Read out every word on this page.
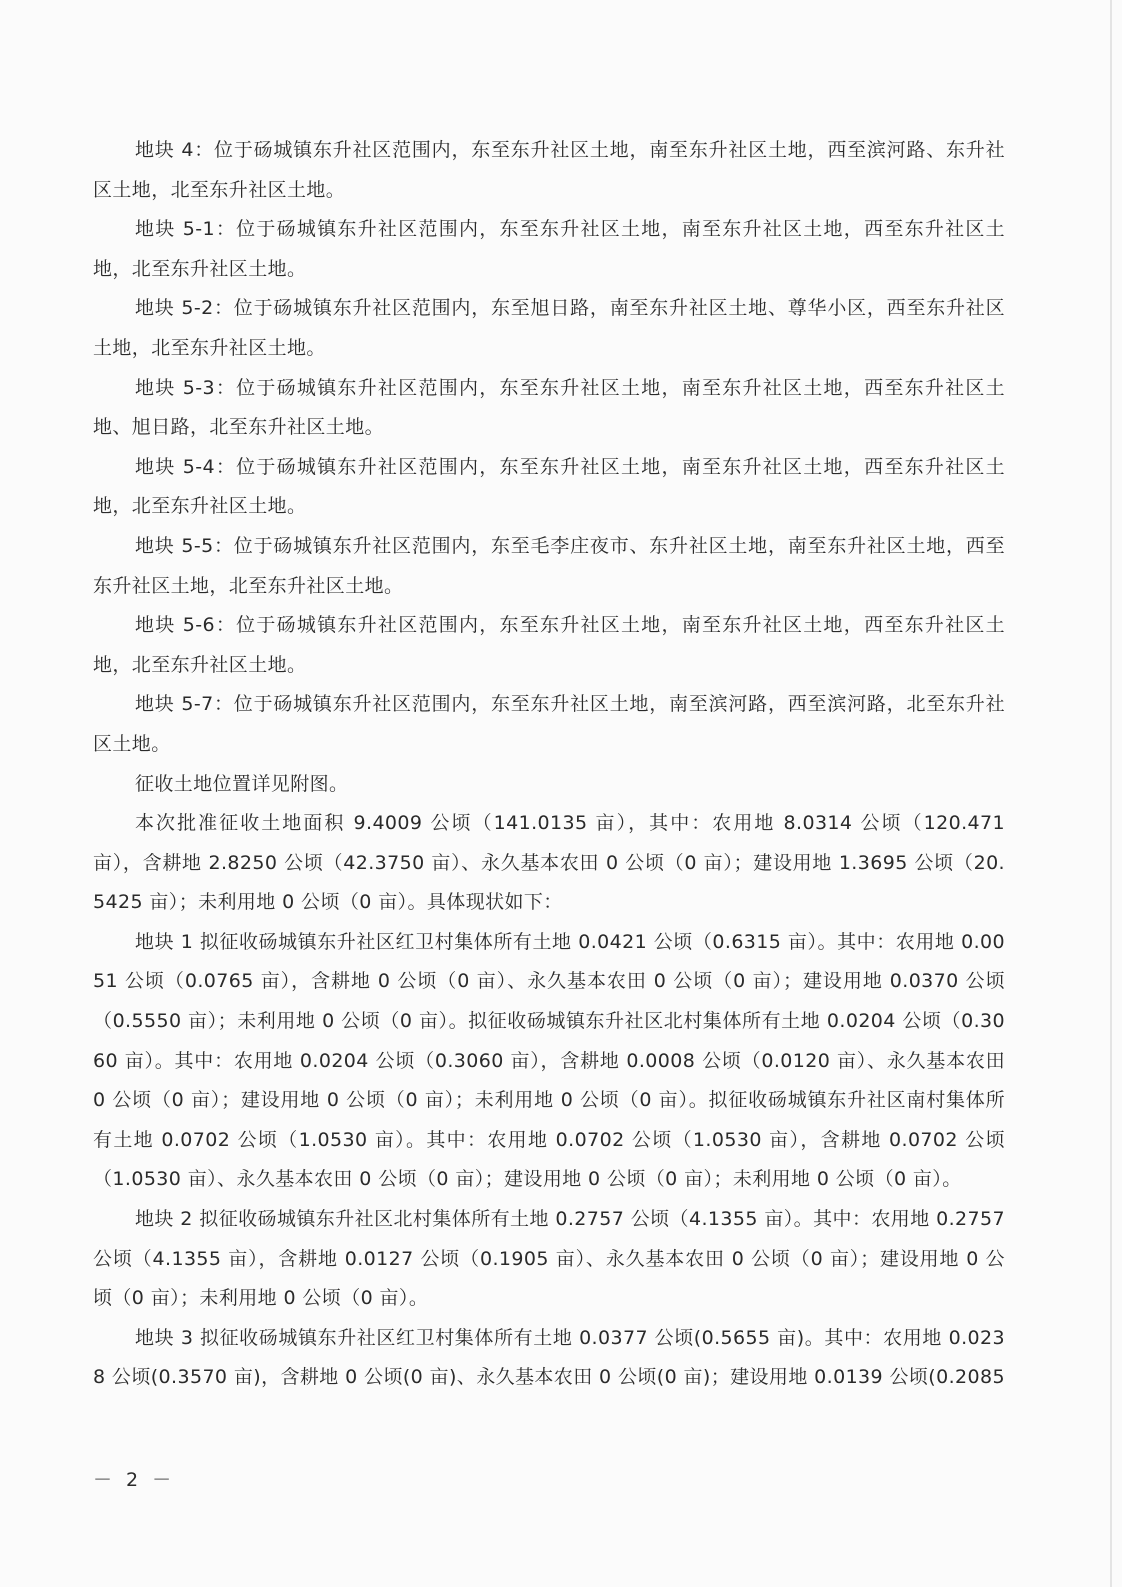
地块 4：位于砀城镇东升社区范围内，东至东升社区土地，南至东升社区土地，西至滨河路、东升社区土地，北至东升社区土地。

地块 5-1：位于砀城镇东升社区范围内，东至东升社区土地，南至东升社区土地，西至东升社区土地，北至东升社区土地。

地块 5-2：位于砀城镇东升社区范围内，东至旭日路，南至东升社区土地、尊华小区，西至东升社区土地，北至东升社区土地。

地块 5-3：位于砀城镇东升社区范围内，东至东升社区土地，南至东升社区土地，西至东升社区土地、旭日路，北至东升社区土地。

地块 5-4：位于砀城镇东升社区范围内，东至东升社区土地，南至东升社区土地，西至东升社区土地，北至东升社区土地。

地块 5-5：位于砀城镇东升社区范围内，东至毛李庄夜市、东升社区土地，南至东升社区土地，西至东升社区土地，北至东升社区土地。

地块 5-6：位于砀城镇东升社区范围内，东至东升社区土地，南至东升社区土地，西至东升社区土地，北至东升社区土地。

地块 5-7：位于砀城镇东升社区范围内，东至东升社区土地，南至滨河路，西至滨河路，北至东升社区土地。

征收土地位置详见附图。

本次批准征收土地面积 9.4009 公顷（141.0135 亩），其中：农用地 8.0314 公顷（120.471 亩），含耕地 2.8250 公顷（42.3750 亩）、永久基本农田 0 公顷（0 亩）；建设用地 1.3695 公顷（20.5425 亩）；未利用地 0 公顷（0 亩）。具体现状如下：

地块 1 拟征收砀城镇东升社区红卫村集体所有土地 0.0421 公顷（0.6315 亩）。其中：农用地 0.0051 公顷（0.0765 亩），含耕地 0 公顷（0 亩）、永久基本农田 0 公顷（0 亩）；建设用地 0.0370 公顷（0.5550 亩）；未利用地 0 公顷（0 亩）。拟征收砀城镇东升社区北村集体所有土地 0.0204 公顷（0.3060 亩）。其中：农用地 0.0204 公顷（0.3060 亩），含耕地 0.0008 公顷（0.0120 亩）、永久基本农田 0 公顷（0 亩）；建设用地 0 公顷（0 亩）；未利用地 0 公顷（0 亩）。拟征收砀城镇东升社区南村集体所有土地 0.0702 公顷（1.0530 亩）。其中：农用地 0.0702 公顷（1.0530 亩），含耕地 0.0702 公顷（1.0530 亩）、永久基本农田 0 公顷（0 亩）；建设用地 0 公顷（0 亩）；未利用地 0 公顷（0 亩）。

地块 2 拟征收砀城镇东升社区北村集体所有土地 0.2757 公顷（4.1355 亩）。其中：农用地 0.2757 公顷（4.1355 亩），含耕地 0.0127 公顷（0.1905 亩）、永久基本农田 0 公顷（0 亩）；建设用地 0 公顷（0 亩）；未利用地 0 公顷（0 亩）。

地块 3 拟征收砀城镇东升社区红卫村集体所有土地 0.0377 公顷(0.5655 亩)。其中：农用地 0.0238 公顷(0.3570 亩)，含耕地 0 公顷(0 亩)、永久基本农田 0 公顷(0 亩)；建设用地 0.0139 公顷(0.2085

－ 2 －
